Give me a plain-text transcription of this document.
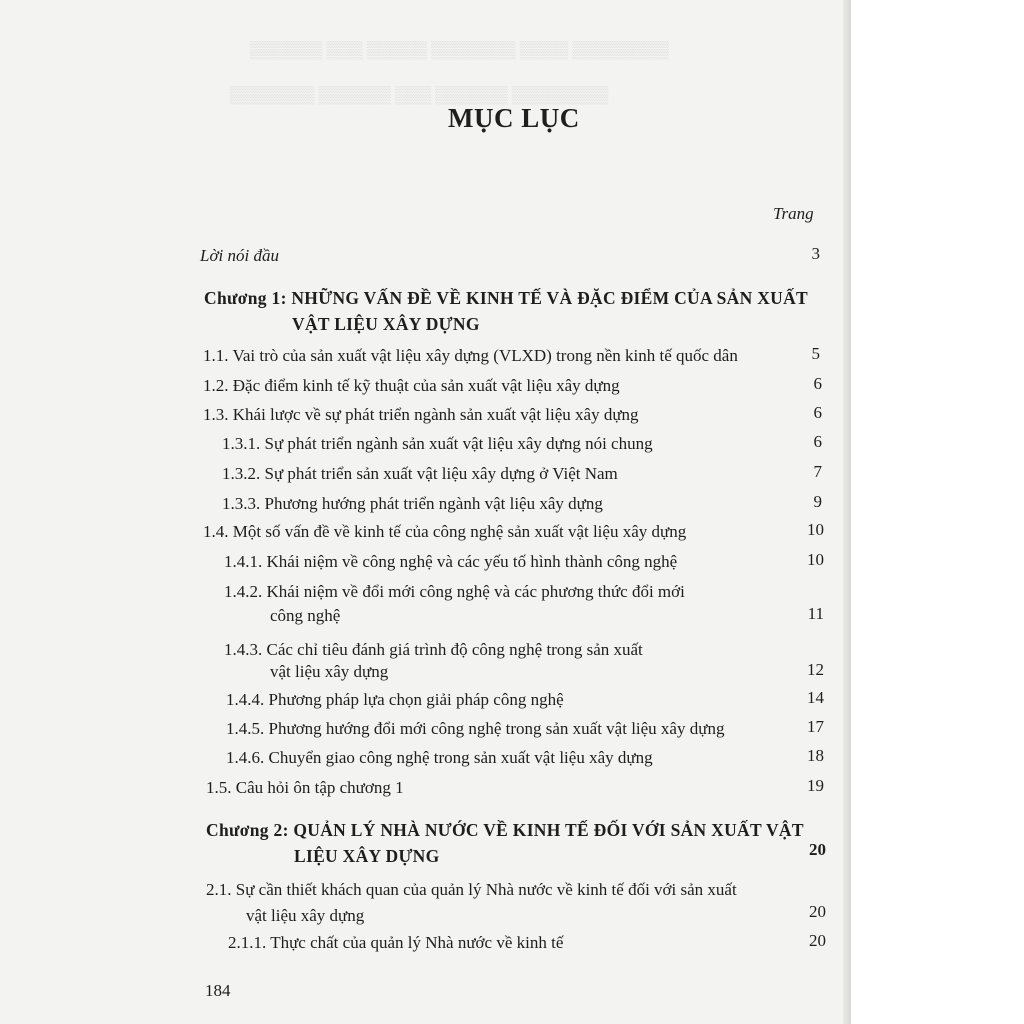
▒▒▒▒▒▒▒▒ ▒▒▒▒ ▒▒▒▒▒▒▒ ▒▒▒▒▒ ▒▒▒ ▒▒▒▒▒▒
▒▒▒▒▒▒▒▒ ▒▒▒▒▒▒ ▒▒▒ ▒▒▒▒▒▒ ▒▒▒▒▒▒▒
MỤC LỤC
Trang
Lời nói đầu	3
Chương 1: NHỮNG VẤN ĐỀ VỀ KINH TẾ VÀ ĐẶC ĐIỂM CỦA SẢN XUẤT
VẬT LIỆU XÂY DỰNG
1.1. Vai trò của sản xuất vật liệu xây dựng (VLXD) trong nền kinh tế quốc dân	5
1.2. Đặc điểm kinh tế kỹ thuật của sản xuất vật liệu xây dựng	6
1.3. Khái lược về sự phát triển ngành sản xuất vật liệu xây dựng	6
1.3.1. Sự phát triển ngành sản xuất vật liệu xây dựng nói chung	6
1.3.2. Sự phát triển sản xuất vật liệu xây dựng ở Việt Nam	7
1.3.3. Phương hướng phát triển ngành vật liệu xây dựng	9
1.4. Một số vấn đề về kinh tế của công nghệ sản xuất vật liệu xây dựng	10
1.4.1. Khái niệm về công nghệ và các yếu tố hình thành công nghệ	10
1.4.2. Khái niệm về đổi mới công nghệ và các phương thức đổi mới
công nghệ	11
1.4.3. Các chỉ tiêu đánh giá trình độ công nghệ trong sản xuất
vật liệu xây dựng	12
1.4.4. Phương pháp lựa chọn giải pháp công nghệ	14
1.4.5. Phương hướng đổi mới công nghệ trong sản xuất vật liệu xây dựng	17
1.4.6. Chuyển giao công nghệ trong sản xuất vật liệu xây dựng	18
1.5. Câu hỏi ôn tập chương 1	19
Chương 2: QUẢN LÝ NHÀ NƯỚC VỀ KINH TẾ ĐỐI VỚI SẢN XUẤT VẬT
LIỆU XÂY DỰNG	20
2.1. Sự cần thiết khách quan của quản lý Nhà nước về kinh tế đối với sản xuất
vật liệu xây dựng	20
2.1.1. Thực chất của quản lý Nhà nước về kinh tế	20
184
